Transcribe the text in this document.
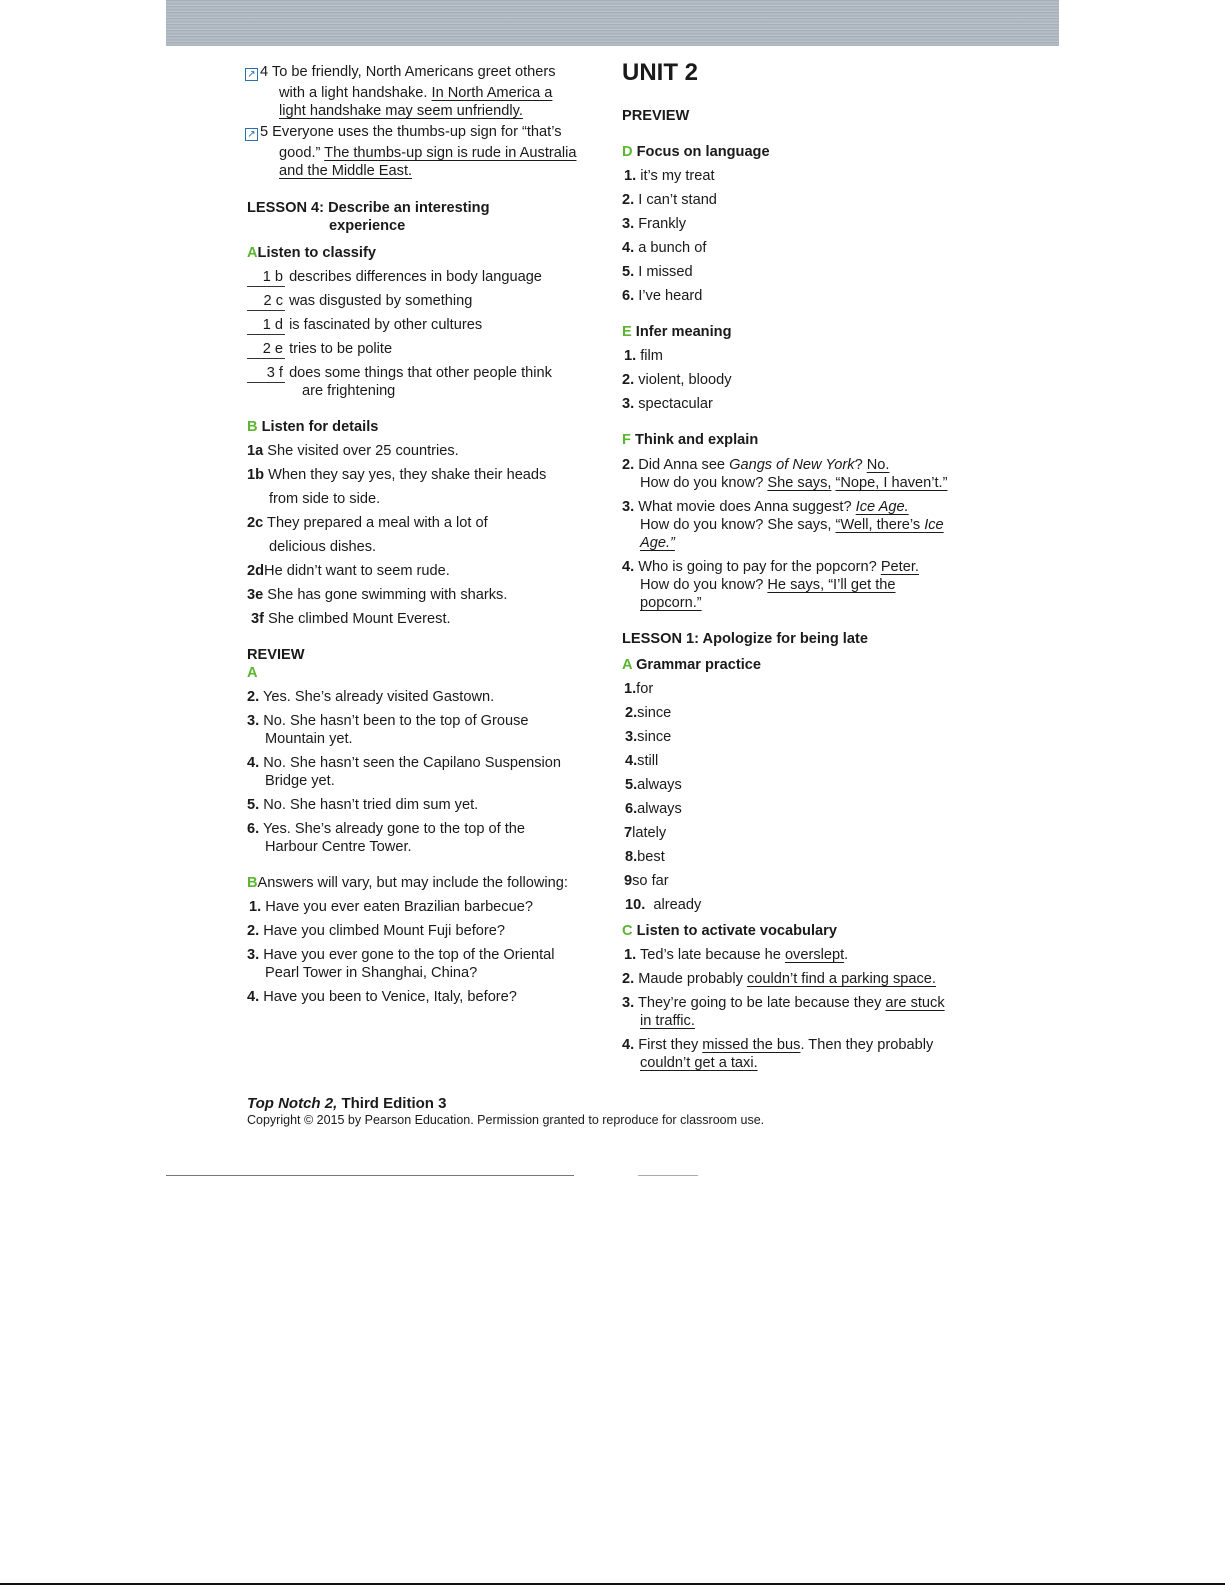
↗ 4 To be friendly, North Americans greet others
with a light handshake. In North America a
light handshake may seem unfriendly.
↗ 5 Everyone uses the thumbs-up sign for “that’s
good.” The thumbs-up sign is rude in Australia
and the Middle East.
LESSON 4: Describe an interesting
experience
AListen to classify
1 b describes differences in body language
2 c was disgusted by something
1 d is fascinated by other cultures
2 e tries to be polite
3 f does some things that other people think
are frightening
B Listen for details
1a She visited over 25 countries.
1b When they say yes, they shake their heads
from side to side.
2c They prepared a meal with a lot of
delicious dishes.
2dHe didn’t want to seem rude.
3e She has gone swimming with sharks.
3f She climbed Mount Everest.
REVIEW
A
2. Yes. She’s already visited Gastown.
3. No. She hasn’t been to the top of Grouse
Mountain yet.
4. No. She hasn’t seen the Capilano Suspension
Bridge yet.
5. No. She hasn’t tried dim sum yet.
6. Yes. She’s already gone to the top of the
Harbour Centre Tower.
BAnswers will vary, but may include the following:
1. Have you ever eaten Brazilian barbecue?
2. Have you climbed Mount Fuji before?
3. Have you ever gone to the top of the Oriental
Pearl Tower in Shanghai, China?
4. Have you been to Venice, Italy, before?
UNIT 2
PREVIEW
D Focus on language
1. it’s my treat
2. I can’t stand
3. Frankly
4. a bunch of
5. I missed
6. I’ve heard
E Infer meaning
1. film
2. violent, bloody
3. spectacular
F Think and explain
2. Did Anna see Gangs of New York? No.
How do you know? She says, “Nope, I haven’t.”
3. What movie does Anna suggest? Ice Age.
How do you know? She says, “Well, there’s Ice
Age.”
4. Who is going to pay for the popcorn? Peter.
How do you know? He says, “I’ll get the
popcorn.”
LESSON 1: Apologize for being late
A Grammar practice
1.for
2.since
3.since
4.still
5.always
6.always
7lately
8.best
9so far
10.  already
C Listen to activate vocabulary
1. Ted’s late because he overslept.
2. Maude probably couldn’t find a parking space.
3. They’re going to be late because they are stuck
in traffic.
4. First they missed the bus. Then they probably
couldn’t get a taxi.
Top Notch 2, Third Edition 3
Copyright © 2015 by Pearson Education. Permission granted to reproduce for classroom use.
